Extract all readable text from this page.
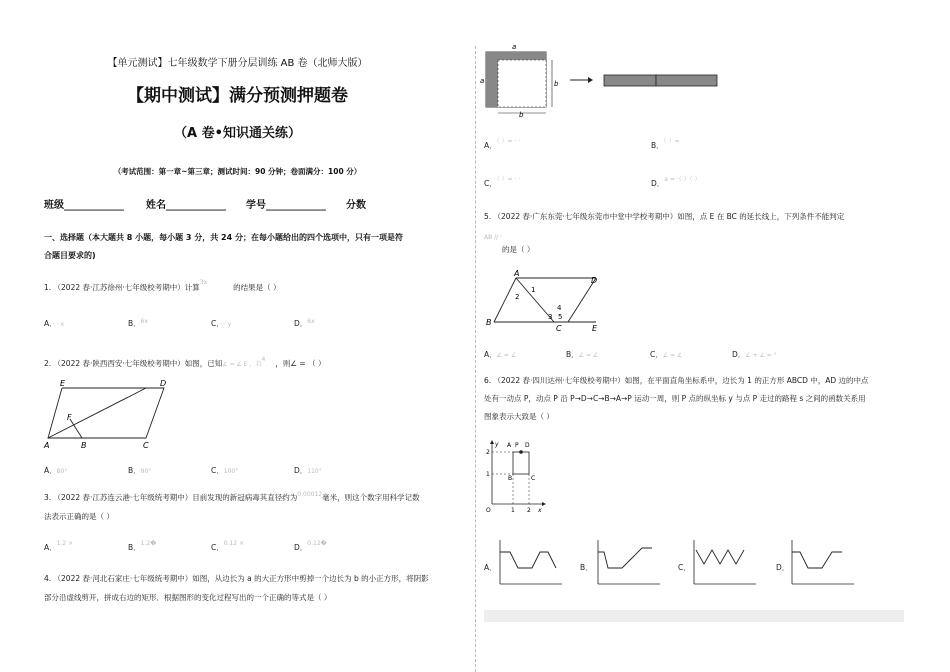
【单元测试】七年级数学下册分层训练 AB 卷（北师大版）
【期中测试】满分预测押题卷
（A 卷•知识通关练）
（考试范围：第一章~第三章；测试时间：90 分钟；卷面满分：100 分）
班级____________ 姓名____________ 学号____________ 分数
一、选择题（本大题共 8 小题，每小题 3 分，共 24 分；在每小题给出的四个选项中，只有一项是符
合题目要求的)
1. （2022 春·江苏徐州·七年级校考期中）计算$^{3x}$的结果是（ ）
A．· · x	B．$^{6x}$	C．· · y	D．$^{6x}$
2. （2022 春·陕西西安·七年级校考期中）如图，已知∠ = ∠ E ，若$^4$ ，则∠ = （ ）
E	D
F
A	B	C
A．80°	B．90°	C．100°	D．110°
3. （2022 春·江苏连云港·七年级统考期中）目前发现的新冠病毒其直径约为$^{0.00012}$毫米，则这个数字用科学记数
法表示正确的是（ ）
A．$^{1.2 \times}$	B．$^{1.2�}$	C．$^{0.12 \times}$	D．$^{0.12�}$
4. （2022 春·河北石家庄·七年级统考期中）如图，从边长为 a 的大正方形中剪掉一个边长为 b 的小正方形，将阴影
部分沿虚线剪开，拼成右边的矩形．根据图形的变化过程写出的一个正确的等式是（ ）
a
a	b
b
A．（ ）= · ·	B．（ ）=
C．（ ）= · ·	D．$^{a = \cdot( )( )}$
5. （2022 春·广东东莞·七年级东莞市中堂中学校考期中）如图，点 E 在 BC 的延长线上，下列条件不能判定
AB // ·
的是（ ）
A
D
1
2
4
3 5
B
C	E
A．∠ = ∠	B．∠ = ∠	C．∠ = ∠	D．∠ + ∠ = °
6. （2022 春·四川达州·七年级校考期中）如图，在平面直角坐标系中，边长为 1 的正方形 ABCD 中，AD 边的中点
处有一动点 P，动点 P 沿 P→D→C→B→A→P 运动一周，则 P 点的纵坐标 y 与点 P 走过的路程 s 之间的函数关系用
图象表示大致是（ ）
y A P D
B	C
O	x
2
1
1 2
A．	B．	C．	D．
